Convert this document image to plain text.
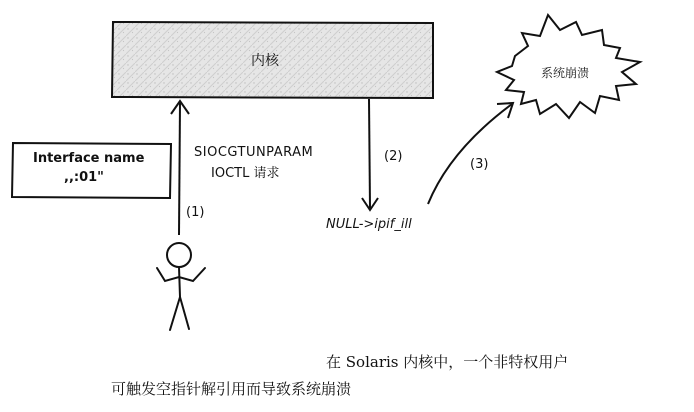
内核
系统崩溃
Interface name
,,:01"
SIOCGTUNPARAM
IOCTL 请求
(1)
(2)
(3)
NULL->ipif_ill
在 Solaris 内核中，一个非特权用户
可触发空指针解引用而导致系统崩溃
